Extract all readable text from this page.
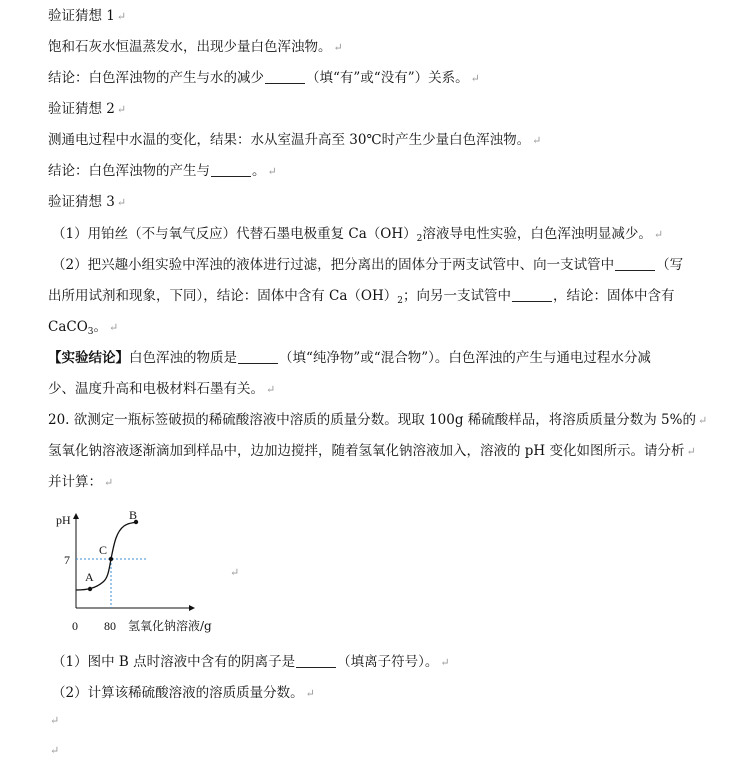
验证猜想 1 ↵
饱和石灰水恒温蒸发水，出现少量白色浑浊物。 ↵
结论：白色浑浊物的产生与水的减少	（填“有”或“没有”）关系。 ↵
验证猜想 2 ↵
测通电过程中水温的变化，结果：水从室温升高至 30℃时产生少量白色浑浊物。 ↵
结论：白色浑浊物的产生与	。 ↵
验证猜想 3 ↵
（1）用铂丝（不与氧气反应）代替石墨电极重复 $Ca(OH)_2$溶液导电性实验，白色浑浊明显减少。 ↵
（2）把兴趣小组实验中浑浊的液体进行过滤，把分离出的固体分于两支试管中、向一支试管中	（写
出所用试剂和现象，下同），结论：固体中含有 $Ca(OH)_2$；向另一支试管中	，结论：固体中含有
CaCO$_3$。 ↵
【实验结论】白色浑浊的物质是	（填“纯净物”或“混合物”）。白色浑浊的产生与通电过程水分减
少、温度升高和电极材料石墨有关。 ↵
20. 欲测定一瓶标签破损的稀硫酸溶液中溶质的质量分数。现取 100g 稀硫酸样品，将溶质质量分数为 5%的 ↵
氢氧化钠溶液逐渐滴加到样品中，边加边搅拌，随着氢氧化钠溶液加入，溶液的 pH 变化如图所示。请分析 ↵
并计算： ↵
pH
7
0 80 氢氧化钠溶液/g
A
C
B
↵
（1）图中 B 点时溶液中含有的阴离子是	（填离子符号）。 ↵
（2）计算该稀硫酸溶液的溶质质量分数。 ↵
↵
↵
